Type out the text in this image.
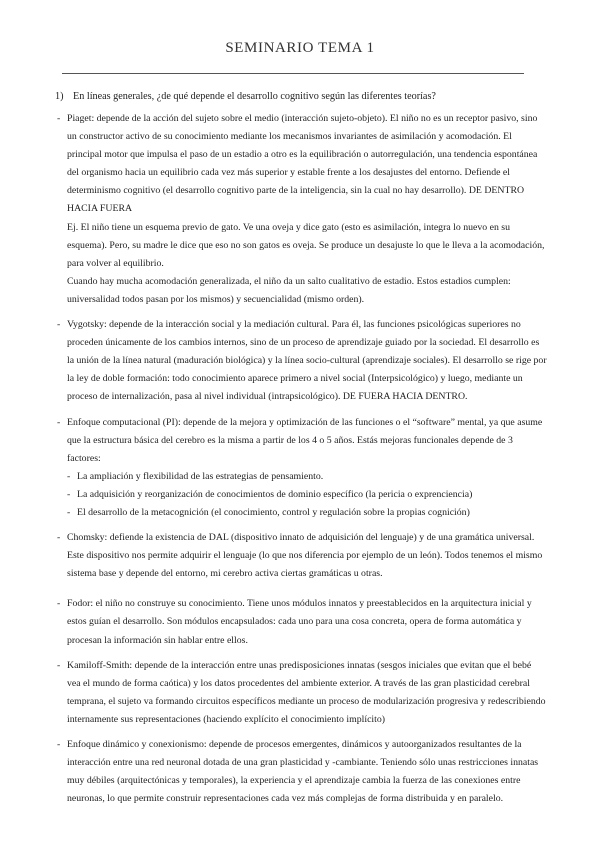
SEMINARIO TEMA 1
1) En líneas generales, ¿de qué depende el desarrollo cognitivo según las diferentes teorías?
- Piaget: depende de la acción del sujeto sobre el medio (interacción sujeto-objeto). El niño no es un receptor pasivo, sino un constructor activo de su conocimiento mediante los mecanismos invariantes de asimilación y acomodación. El principal motor que impulsa el paso de un estadio a otro es la equilibración o autorregulación, una tendencia espontánea del organismo hacia un equilibrio cada vez más superior y estable frente a los desajustes del entorno. Defiende el determinismo cognitivo (el desarrollo cognitivo parte de la inteligencia, sin la cual no hay desarrollo). DE DENTRO HACIA FUERA

Ej. El niño tiene un esquema previo de gato. Ve una oveja y dice gato (esto es asimilación, integra lo nuevo en su esquema). Pero, su madre le dice que eso no son gatos es oveja. Se produce un desajuste lo que le lleva a la acomodación, para volver al equilibrio.

Cuando hay mucha acomodación generalizada, el niño da un salto cualitativo de estadio. Estos estadios cumplen: universalidad todos pasan por los mismos) y secuencialidad (mismo orden).

- Vygotsky: depende de la interacción social y la mediación cultural. Para él, las funciones psicológicas superiores no proceden únicamente de los cambios internos, sino de un proceso de aprendizaje guiado por la sociedad. El desarrollo es la unión de la línea natural (maduración biológica) y la línea socio-cultural (aprendizaje sociales). El desarrollo se rige por la ley de doble formación: todo conocimiento aparece primero a nivel social (Interpsicológico) y luego, mediante un proceso de internalización, pasa al nivel individual (intrapsicológico). DE FUERA HACIA DENTRO.

- Enfoque computacional (PI): depende de la mejora y optimización de las funciones o el “software” mental, ya que asume que la estructura básica del cerebro es la misma a partir de los 4 o 5 años. Estás mejoras funcionales depende de 3 factores:

- La ampliación y flexibilidad de las estrategias de pensamiento.
- La adquisición y reorganización de conocimientos de dominio específico (la pericia o exprenciencia)
- El desarrollo de la metacognición (el conocimiento, control y regulación sobre la propias cognición)
- Chomsky: defiende la existencia de DAL (dispositivo innato de adquisición del lenguaje) y de una gramática universal. Este dispositivo nos permite adquirir el lenguaje (lo que nos diferencia por ejemplo de un león). Todos tenemos el mismo sistema base y depende del entorno, mi cerebro activa ciertas gramáticas u otras.

- Fodor: el niño no construye su conocimiento. Tiene unos módulos innatos y preestablecidos en la arquitectura inicial y estos guían el desarrollo. Son módulos encapsulados: cada uno para una cosa concreta, opera de forma automática y procesan la información sin hablar entre ellos.

- Kamiloff-Smith: depende de la interacción entre unas predisposiciones innatas (sesgos iniciales que evitan que el bebé vea el mundo de forma caótica) y los datos procedentes del ambiente exterior. A través de las gran plasticidad cerebral temprana, el sujeto va formando circuitos específicos mediante un proceso de modularización progresiva y redescribiendo internamente sus representaciones (haciendo explícito el conocimiento implícito)

- Enfoque dinámico y conexionismo: depende de procesos emergentes, dinámicos y autoorganizados resultantes de la interacción entre una red neuronal dotada de una gran plasticidad y -cambiante. Teniendo sólo unas restricciones innatas muy débiles (arquitectónicas y temporales), la experiencia y el aprendizaje cambia la fuerza de las conexiones entre neuronas, lo que permite construir representaciones cada vez más complejas de forma distribuida y en paralelo.
